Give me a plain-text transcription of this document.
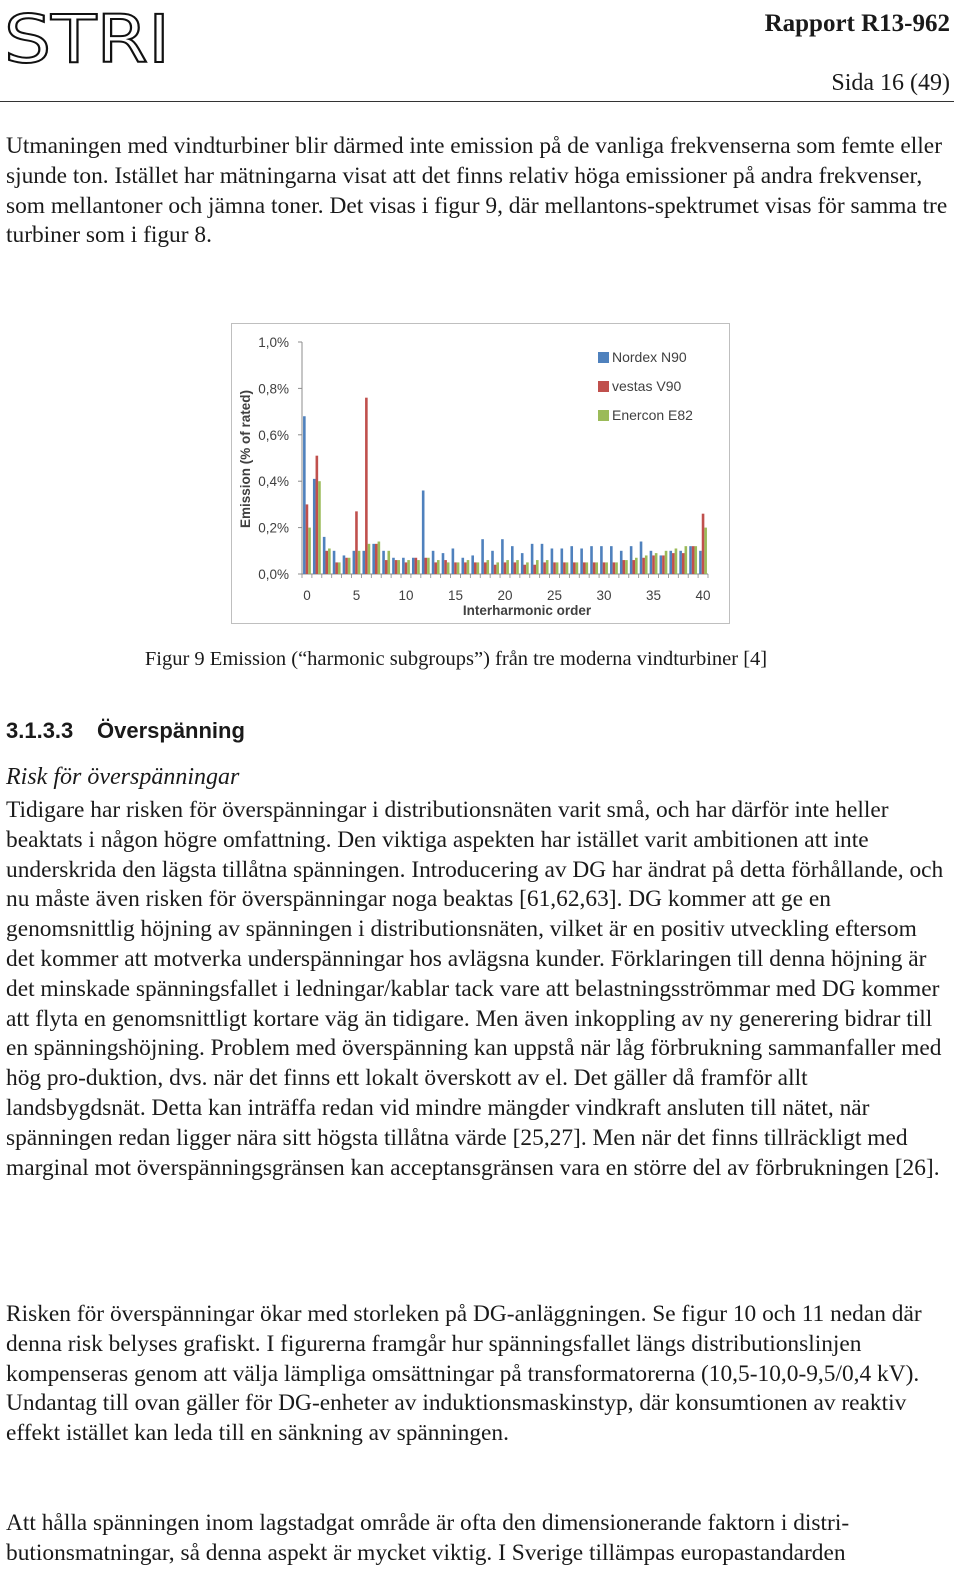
STRI	Rapport R13-962
Sida 16 (49)

Utmaningen med vindturbiner blir därmed inte emission på de vanliga frekvenserna som femte eller sjunde ton. Istället har mätningarna visat att det finns relativ höga emissioner på andra frekvenser, som mellantoner och jämna toner. Det visas i figur 9, där mellantons-spektrumet visas för samma tre turbiner som i figur 8.

0,0%
0,2%
0,4%
0,6%
0,8%
1,0%
0	5	10	15	20	25	30	35	40
Interharmonic order
Emission (% of rated)
Nordex N90
vestas V90
Enercon E82
Figur 9 Emission (“harmonic subgroups”) från tre moderna vindturbiner [4]
3.1.3.3 Överspänning
Risk för överspänningar

Tidigare har risken för överspänningar i distributionsnäten varit små, och har därför inte heller beaktats i någon högre omfattning. Den viktiga aspekten har istället varit ambitionen att inte underskrida den lägsta tillåtna spänningen. Introducering av DG har ändrat på detta förhållande, och nu måste även risken för överspänningar noga beaktas [61,62,63]. DG kommer att ge en genomsnittlig höjning av spänningen i distributionsnäten, vilket är en positiv utveckling eftersom det kommer att motverka underspänningar hos avlägsna kunder. Förklaringen till denna höjning är det minskade spänningsfallet i ledningar/kablar tack vare att belastningsströmmar med DG kommer att flyta en genomsnittligt kortare väg än tidigare. Men även inkoppling av ny generering bidrar till en spänningshöjning. Problem med överspänning kan uppstå när låg förbrukning sammanfaller med hög pro-duktion, dvs. när det finns ett lokalt överskott av el. Det gäller då framför allt landsbygdsnät. Detta kan inträffa redan vid mindre mängder vindkraft ansluten till nätet, när spänningen redan ligger nära sitt högsta tillåtna värde [25,27]. Men när det finns tillräckligt med marginal mot överspänningsgränsen kan acceptansgränsen vara en större del av förbrukningen [26].

Risken för överspänningar ökar med storleken på DG-anläggningen. Se figur 10 och 11 nedan där denna risk belyses grafiskt. I figurerna framgår hur spänningsfallet längs distributionslinjen kompenseras genom att välja lämpliga omsättningar på transformatorerna (10,5-10,0-9,5/0,4 kV). Undantag till ovan gäller för DG-enheter av induktionsmaskinstyp, där konsumtionen av reaktiv effekt istället kan leda till en sänkning av spänningen.

Att hålla spänningen inom lagstadgat område är ofta den dimensionerande faktorn i distri-butionsmatningar, så denna aspekt är mycket viktig. I Sverige tillämpas europastandarden
